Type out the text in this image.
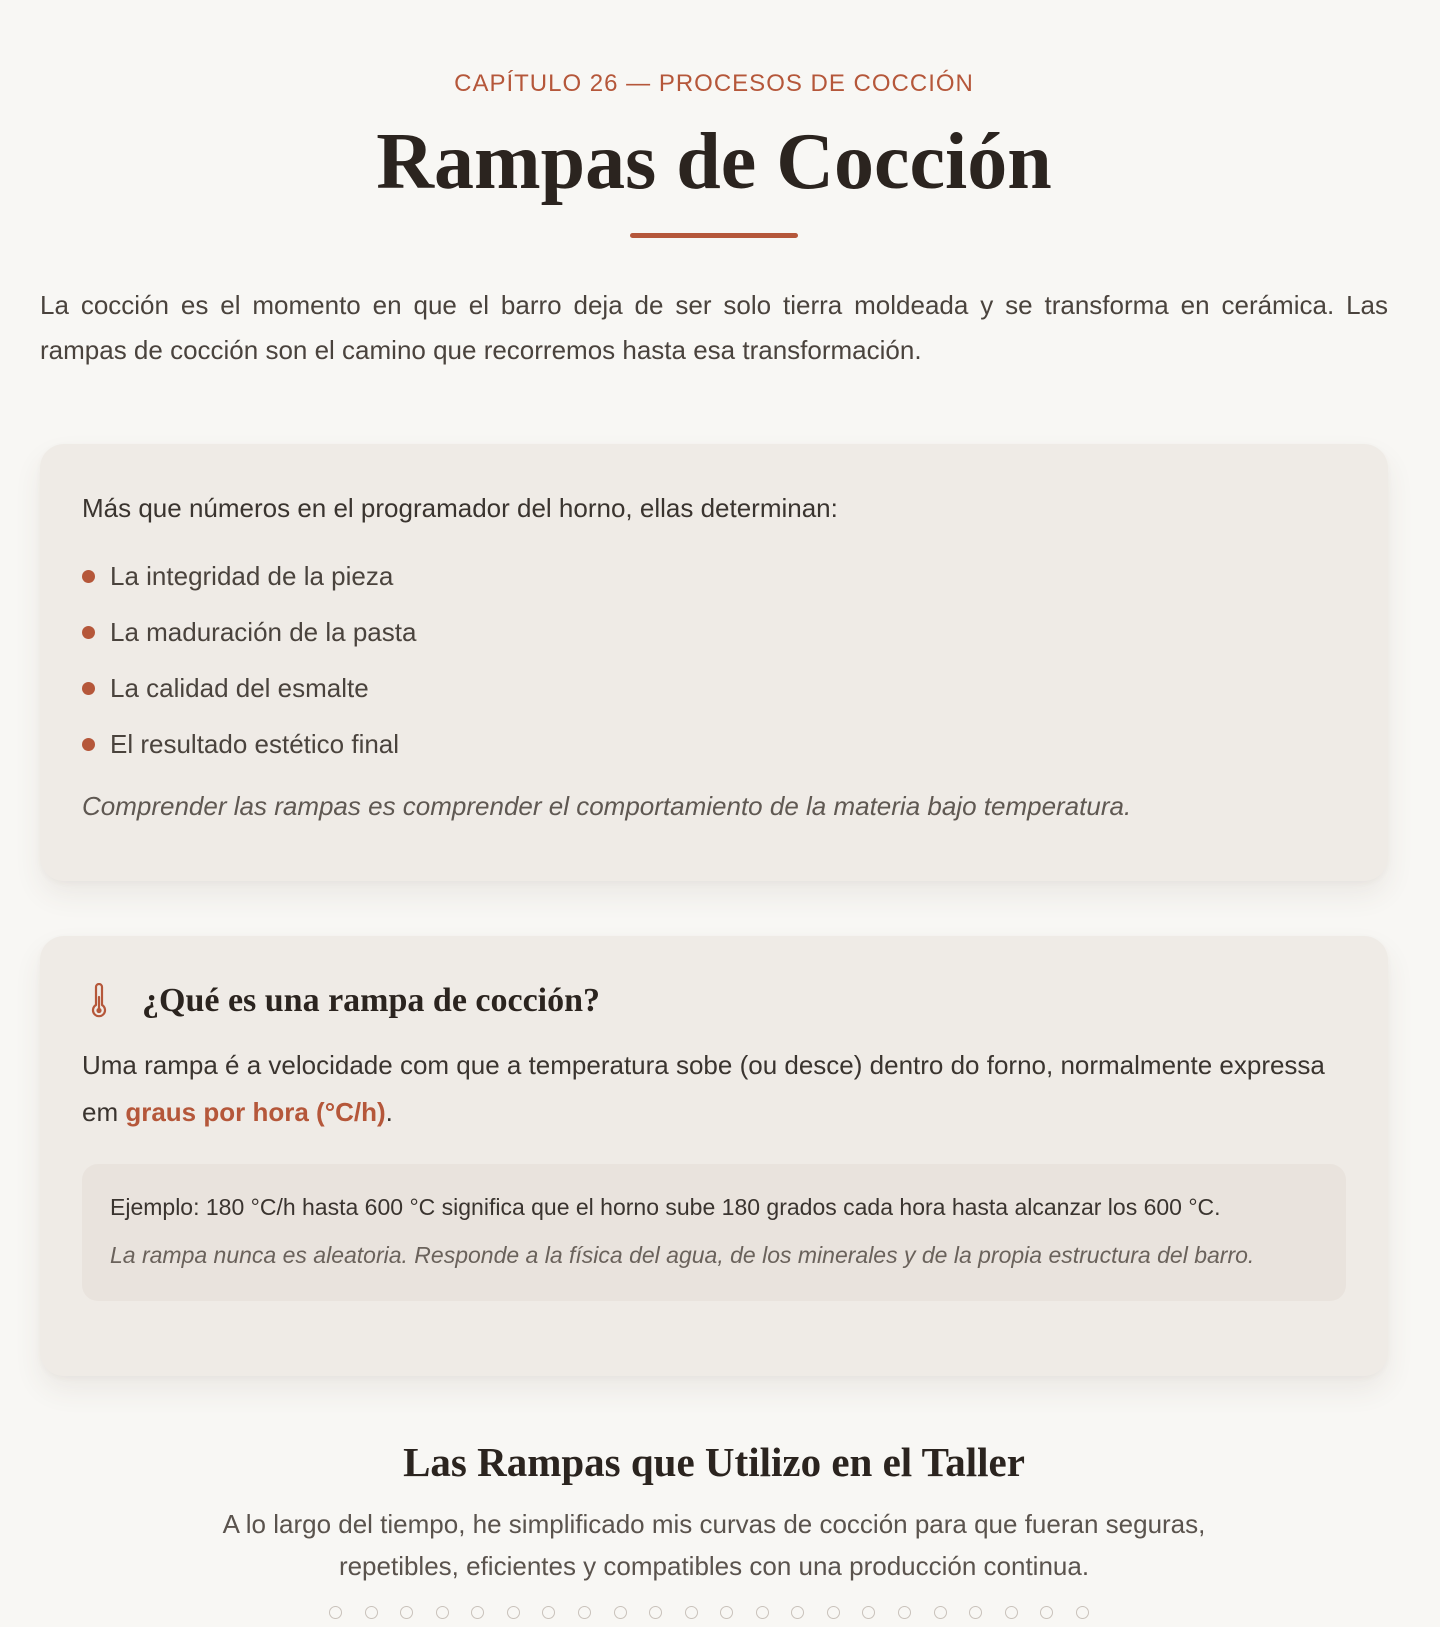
CAPÍTULO 26 — PROCESOS DE COCCIÓN
Rampas de Cocción

La cocción es el momento en que el barro deja de ser solo tierra moldeada y se transforma en cerámica. Las rampas de cocción son el camino que recorremos hasta esa transformación.

Más que números en el programador del horno, ellas determinan:

La integridad de la pieza
La maduración de la pasta
La calidad del esmalte
El resultado estético final

Comprender las rampas es comprender el comportamiento de la materia bajo temperatura.

¿Qué es una rampa de cocción?

Uma rampa é a velocidade com que a temperatura sobe (ou desce) dentro do forno, normalmente expressa em graus por hora (°C/h).

Ejemplo: 180 °C/h hasta 600 °C significa que el horno sube 180 grados cada hora hasta alcanzar los 600 °C.

La rampa nunca es aleatoria. Responde a la física del agua, de los minerales y de la propia estructura del barro.

Las Rampas que Utilizo en el Taller

A lo largo del tiempo, he simplificado mis curvas de cocción para que fueran seguras, repetibles, eficientes y compatibles con una producción continua.
